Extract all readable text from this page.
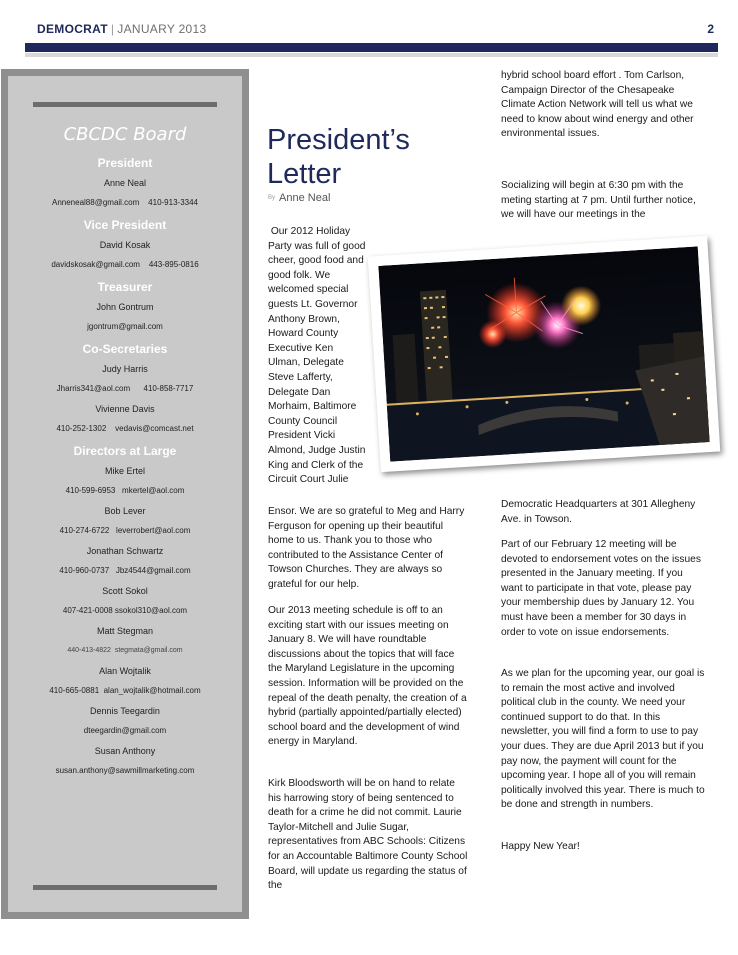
DEMOCRAT | JANUARY 2013	2
CBCDC Board
President
Anne Neal
Anneneal88@gmail.com    410-913-3344
Vice President
David Kosak
davidskosak@gmail.com    443-895-0816
Treasurer
John Gontrum
jgontrum@gmail.com
Co-Secretaries
Judy Harris
Jharris341@aol.com      410-858-7717
Vivienne Davis
410-252-1302    vedavis@comcast.net
Directors at Large
Mike Ertel
410-599-6953   mkertel@aol.com
Bob Lever
410-274-6722   leverrobert@aol.com
Jonathan Schwartz
410-960-0737   Jbz4544@gmail.com
Scott Sokol
407-421-0008 ssokol310@aol.com
Matt Stegman
440-413-4822  stegmata@gmail.com
Alan Wojtalik
410-665-0881  alan_wojtalik@hotmail.com
Dennis Teegardin
dteegardin@gmail.com
Susan Anthony
susan.anthony@sawmillmarketing.com
President’s Letter
By Anne Neal

Our 2012 Holiday Party was full of good cheer, good food and good folk. We welcomed special guests Lt. Governor Anthony Brown, Howard County Executive Ken Ulman, Delegate Steve Lafferty, Delegate Dan Morhaim, Baltimore County Council President Vicki Almond, Judge Justin King and Clerk of the Circuit Court Julie

Ensor. We are so grateful to Meg and Harry Ferguson for opening up their beautiful home to us. Thank you to those who contributed to the Assistance Center of Towson Churches. They are always so grateful for our help.

Our 2013 meeting schedule is off to an exciting start with our issues meeting on January 8. We will have roundtable discussions about the topics that will face the Maryland Legislature in the upcoming session. Information will be provided on the repeal of the death penalty, the creation of a hybrid (partially appointed/partially elected) school board and the development of wind energy in Maryland.

Kirk Bloodsworth will be on hand to relate his harrowing story of being sentenced to death for a crime he did not commit. Laurie Taylor-Mitchell and Julie Sugar, representatives from ABC Schools: Citizens for an Accountable Baltimore County School Board, will update us regarding the status of the

hybrid school board effort . Tom Carlson, Campaign Director of the Chesapeake Climate Action Network will tell us what we need to know about wind energy and other environmental issues.

Socializing will begin at 6:30 pm with the meting starting at 7 pm. Until further notice, we will have our meetings in the

Democratic Headquarters at 301 Allegheny Ave. in Towson.

Part of our February 12 meeting will be devoted to endorsement votes on the issues presented in the January meeting. If you want to participate in that vote, please pay your membership dues by January 12. You must have been a member for 30 days in order to vote on issue endorsements.

As we plan for the upcoming year, our goal is to remain the most active and involved political club in the county. We need your continued support to do that. In this newsletter, you will find a form to use to pay your dues. They are due April 2013 but if you pay now, the payment will count for the upcoming year. I hope all of you will remain politically involved this year. There is much to be done and strength in numbers.

Happy New Year!
